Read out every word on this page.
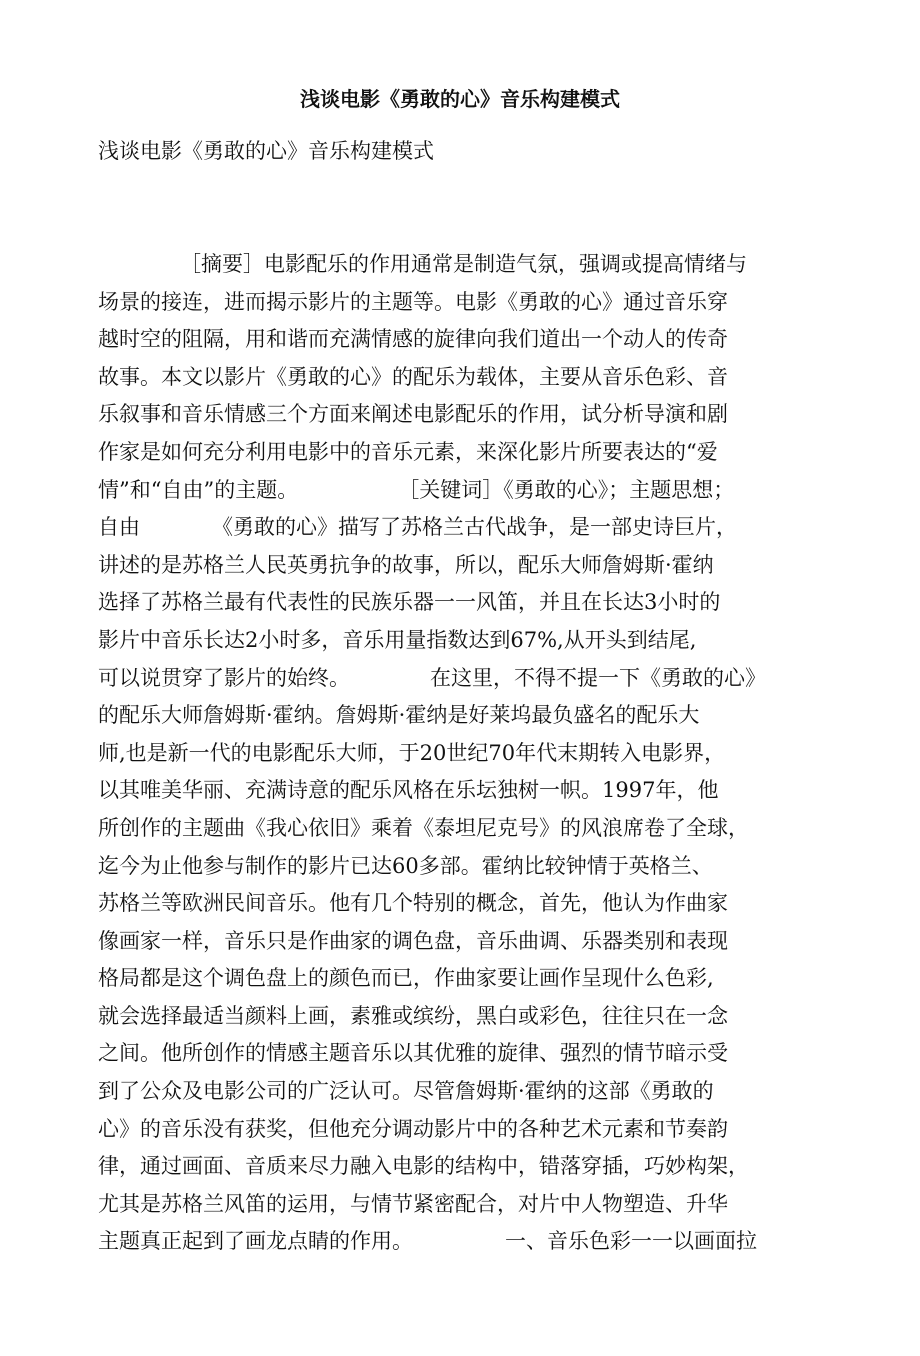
浅谈电影《勇敢的心》音乐构建模式
浅谈电影《勇敢的心》音乐构建模式
［摘要］电影配乐的作用通常是制造气氛，强调或提高情绪与
场景的接连，进而揭示影片的主题等。电影《勇敢的心》通过音乐穿
越时空的阻隔，用和谐而充满情感的旋律向我们道出一个动人的传奇
故事。本文以影片《勇敢的心》的配乐为载体，主要从音乐色彩、音
乐叙事和音乐情感三个方面来阐述电影配乐的作用，试分析导演和剧
作家是如何充分利用电影中的音乐元素，来深化影片所要表达的“爱
情”和“自由”的主题。	［关键词］《勇敢的心》；主题思想；
自由	《勇敢的心》描写了苏格兰古代战争，是一部史诗巨片，
讲述的是苏格兰人民英勇抗争的故事，所以，配乐大师詹姆斯·霍纳
选择了苏格兰最有代表性的民族乐器一一风笛，并且在长达3小时的
影片中音乐长达2小时多，音乐用量指数达到67%,从开头到结尾,
可以说贯穿了影片的始终。	在这里，不得不提一下《勇敢的心》
的配乐大师詹姆斯·霍纳。詹姆斯·霍纳是好莱坞最负盛名的配乐大
师,也是新一代的电影配乐大师，于20世纪70年代末期转入电影界，
以其唯美华丽、充满诗意的配乐风格在乐坛独树一帜。1997年，他
所创作的主题曲《我心依旧》乘着《泰坦尼克号》的风浪席卷了全球，
迄今为止他参与制作的影片已达60多部。霍纳比较钟情于英格兰、
苏格兰等欧洲民间音乐。他有几个特别的概念，首先，他认为作曲家
像画家一样，音乐只是作曲家的调色盘，音乐曲调、乐器类别和表现
格局都是这个调色盘上的颜色而已，作曲家要让画作呈现什么色彩,
就会选择最适当颜料上画，素雅或缤纷，黑白或彩色，往往只在一念
之间。他所创作的情感主题音乐以其优雅的旋律、强烈的情节暗示受
到了公众及电影公司的广泛认可。尽管詹姆斯·霍纳的这部《勇敢的
心》的音乐没有获奖，但他充分调动影片中的各种艺术元素和节奏韵
律，通过画面、音质来尽力融入电影的结构中，错落穿插，巧妙构架，
尤其是苏格兰风笛的运用，与情节紧密配合，对片中人物塑造、升华
主题真正起到了画龙点睛的作用。	一、音乐色彩一一以画面拉
